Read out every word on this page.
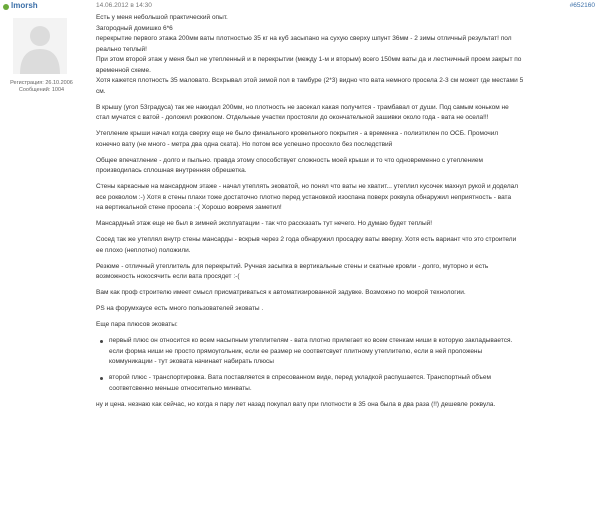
lmorsh	14.06.2012 в 14:30	#652160
Регистрация: 26.10.2006
Сообщений: 1004
Есть у меня небольшой практический опыт.
Загородный домишко 6*6
перекрытие первого этажа 200мм ваты плотностью 35 кг на куб засыпано на сухую сверху шпунт 36мм - 2 зимы отличный результат! пол
реально теплый!
При этом второй этаж у меня был не утепленный и в перекрытии (между 1-м и вторым) всего 150мм ваты да и лестничный проем закрыт по
временной схеме.
Хотя кажется плотность 35 маловато. Всхрывал этой зимой пол в тамбуре (2*3) видно что вата немного просела 2-3 см может где местами 5
см.
В крышу (угол 53градуса) так же накидал 200мм, но плотность не засекал какая получится - трамбавал от души. Под самым коньком не
стал мучатся с ватой - доложил рокволом. Отдельные участки простояли до окончательной зашивки около года - вата не осела!!!
Утепление крыши начал когда сверху еще не было финального кровельного покрытия - а временка - полиэтилен по ОСБ. Промочил
конечно вату (не много - метра два одна ската). Но потом все успешно просохло без последствий
Общее впечатление - долго и пыльно. правда этому способствует сложность моей крыши и то что одновременно с утеплением
производилась сплошная внутренняя обрешетка.
Стены каркасные на мансардном этаже - начал утеплять эковатой, но понял что ваты не хватит... утеплил кусочек махнул рукой и доделал
все рокволом :-) Хотя в стены плахи тоже достаточно плотно перед установкой изоспана поверх роквула обнаружил неприятность - вата
на вертикальной стене просела :-( Хорошо вовремя заметил!
Мансардный этаж еще не был в зимней эксплуатации - так что рассказать тут нечего. Но думаю будет теплый!
Сосед так же утеплял внутр стены мансарды - вскрыв через 2 года обнаружил просадку ваты вверху. Хотя есть вариант что это строители
ее плохо (неплотно) положили.
Резюме - отличный утеплитель для перекрытий. Ручная засыпка в вертикальные стены и скатные кровли - долго, муторно и есть
возможность нокосячить если вата просядет :-(
Вам как проф строителю имеет смысл присматриваться к автоматизированной задувке. Возможно по мокрой технологии.
PS на форумхаусе есть много пользователей эковаты .
Еще пара плюсов эковаты:
первый плюс он относится ко всем насыпным утеплителям - вата плотно прилегает ко всем стенкам ниши в которую закладывается.
если форма ниши не просто прямоугольник, если ее размер не соответсвует плитному утеплителю, если в ней проложены
коммуникации - тут эковата начинает набирать плюсы
второй плюс - транспортировка. Вата поставляется в спресованном виде, перед укладкой распушается. Транспортный объем
соответсвенно меньше относительно минваты.
ну и цена. незнаю как сейчас, но когда я пару лет назад покупал вату при плотности в 35 она была в два раза (!!) дешевле роквула.
